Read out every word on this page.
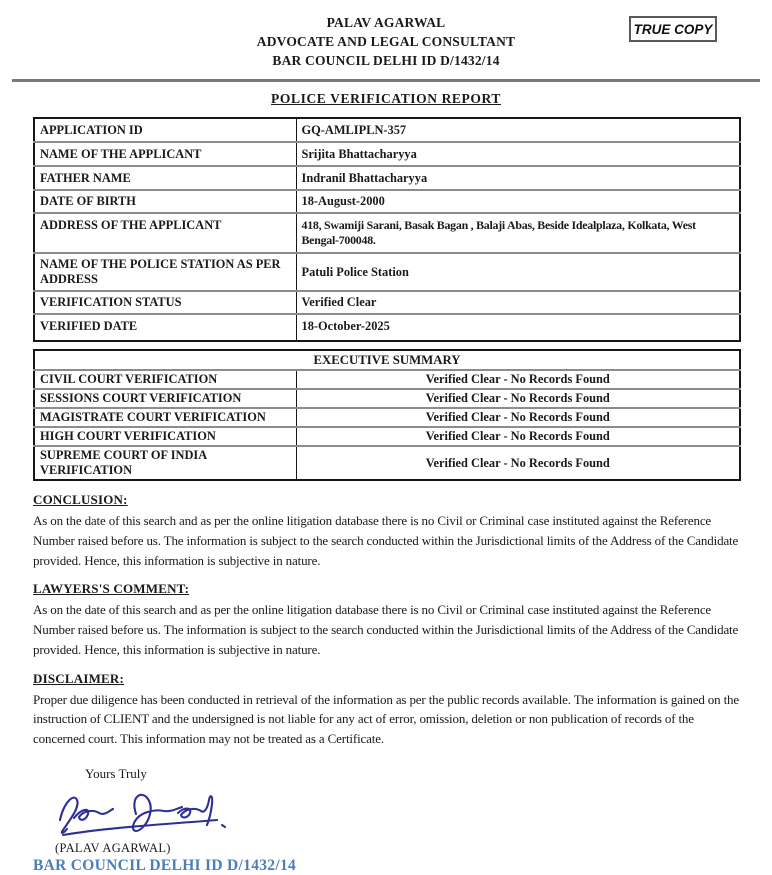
PALAV AGARWAL
ADVOCATE AND LEGAL CONSULTANT
BAR COUNCIL DELHI ID D/1432/14
TRUE COPY
POLICE VERIFICATION REPORT
APPLICATION ID	GQ-AMLIPLN-357
NAME OF THE APPLICANT	Srijita Bhattacharyya
FATHER NAME	Indranil Bhattacharyya
DATE OF BIRTH	18-August-2000
ADDRESS OF THE APPLICANT	418, Swamiji Sarani, Basak Bagan , Balaji Abas, Beside Idealplaza, Kolkata, West Bengal-700048.
NAME OF THE POLICE STATION AS PER ADDRESS	Patuli Police Station
VERIFICATION STATUS	Verified Clear
VERIFIED DATE	18-October-2025
EXECUTIVE SUMMARY	
CIVIL COURT VERIFICATION	Verified Clear - No Records Found
SESSIONS COURT VERIFICATION	Verified Clear - No Records Found
MAGISTRATE COURT VERIFICATION	Verified Clear - No Records Found
HIGH COURT VERIFICATION	Verified Clear - No Records Found
SUPREME COURT OF INDIA VERIFICATION	Verified Clear - No Records Found
CONCLUSION:

As on the date of this search and as per the online litigation database there is no Civil or Criminal case instituted against the Reference Number raised before us. The information is subject to the search conducted within the Jurisdictional limits of the Address of the Candidate provided. Hence, this information is subjective in nature.

LAWYERS'S COMMENT:

As on the date of this search and as per the online litigation database there is no Civil or Criminal case instituted against the Reference Number raised before us. The information is subject to the search conducted within the Jurisdictional limits of the Address of the Candidate provided. Hence, this information is subjective in nature.

DISCLAIMER:

Proper due diligence has been conducted in retrieval of the information as per the public records available. The information is gained on the instruction of CLIENT and the undersigned is not liable for any act of error, omission, deletion or non publication of records of the concerned court. This information may not be treated as a Certificate.

Yours Truly
(PALAV AGARWAL)
BAR COUNCIL DELHI ID D/1432/14
